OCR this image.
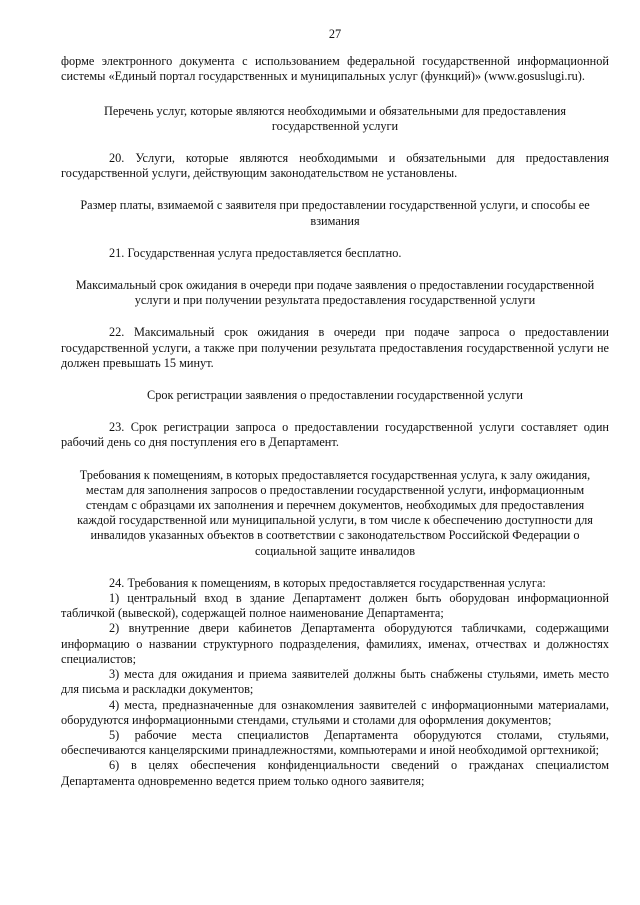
27

форме электронного документа с использованием федеральной государственной информационной системы «Единый портал государственных и муниципальных услуг (функций)» (www.gosuslugi.ru).

Перечень услуг, которые являются необходимыми и обязательными для предоставления государственной услуги

20. Услуги, которые являются необходимыми и обязательными для предоставления государственной услуги, действующим законодательством не установлены.

Размер платы, взимаемой с заявителя при предоставлении государственной услуги, и способы ее взимания

21. Государственная услуга предоставляется бесплатно.

Максимальный срок ожидания в очереди при подаче заявления о предоставлении государственной услуги и при получении результата предоставления государственной услуги

22. Максимальный срок ожидания в очереди при подаче запроса о предоставлении государственной услуги, а также при получении результата предоставления государственной услуги не должен превышать 15 минут.

Срок регистрации заявления о предоставлении государственной услуги

23. Срок регистрации запроса о предоставлении государственной услуги составляет один рабочий день со дня поступления его в Департамент.

Требования к помещениям, в которых предоставляется государственная услуга, к залу ожидания, местам для заполнения запросов о предоставлении государственной услуги, информационным стендам с образцами их заполнения и перечнем документов, необходимых для предоставления каждой государственной или муниципальной услуги, в том числе к обеспечению доступности для инвалидов указанных объектов в соответствии с законодательством Российской Федерации о социальной защите инвалидов

24. Требования к помещениям, в которых предоставляется государственная услуга:

1) центральный вход в здание Департамент должен быть оборудован информационной табличкой (вывеской), содержащей полное наименование Департамента;

2) внутренние двери кабинетов Департамента оборудуются табличками, содержащими информацию о названии структурного подразделения, фамилиях, именах, отчествах и должностях специалистов;

3) места для ожидания и приема заявителей должны быть снабжены стульями, иметь место для письма и раскладки документов;

4) места, предназначенные для ознакомления заявителей с информационными материалами, оборудуются информационными стендами, стульями и столами для оформления документов;

5) рабочие места специалистов Департамента оборудуются столами, стульями, обеспечиваются канцелярскими принадлежностями, компьютерами и иной необходимой оргтехникой;

6) в целях обеспечения конфиденциальности сведений о гражданах специалистом Департамента одновременно ведется прием только одного заявителя;
